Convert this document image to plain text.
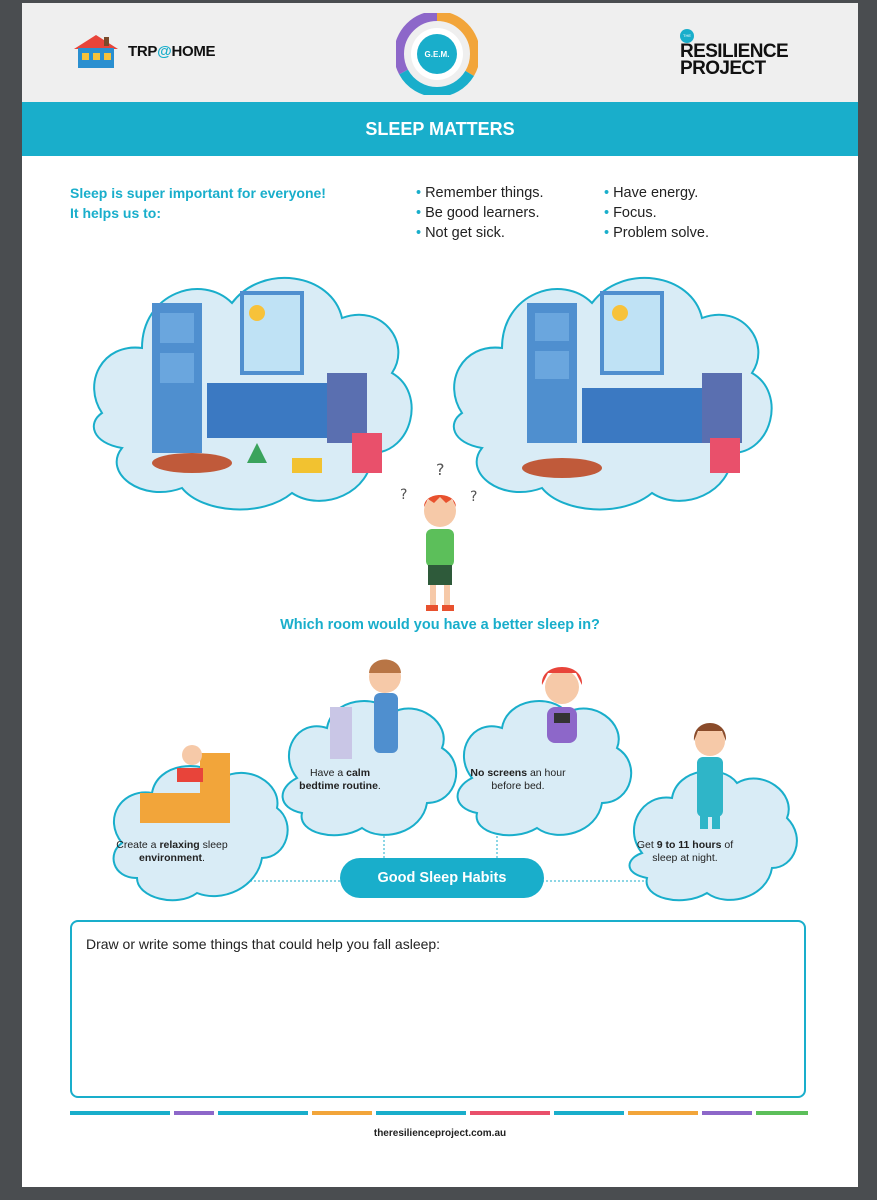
TRP@HOME	G.E.M.
THE
RESILIENCE
PROJECT
SLEEP MATTERS
Sleep is super important for everyone!
It helps us to:
• Remember things.
• Be good learners.
• Not get sick.
• Have energy.
• Focus.
• Problem solve.
?
?	?
Which room would you have a better sleep in?
Create a relaxing sleep
environment.
Have a calm
bedtime routine.
No screens an hour
before bed.
Get 9 to 11 hours of
sleep at night.
Good Sleep Habits
Draw or write some things that could help you fall asleep:
theresilienceproject.com.au
